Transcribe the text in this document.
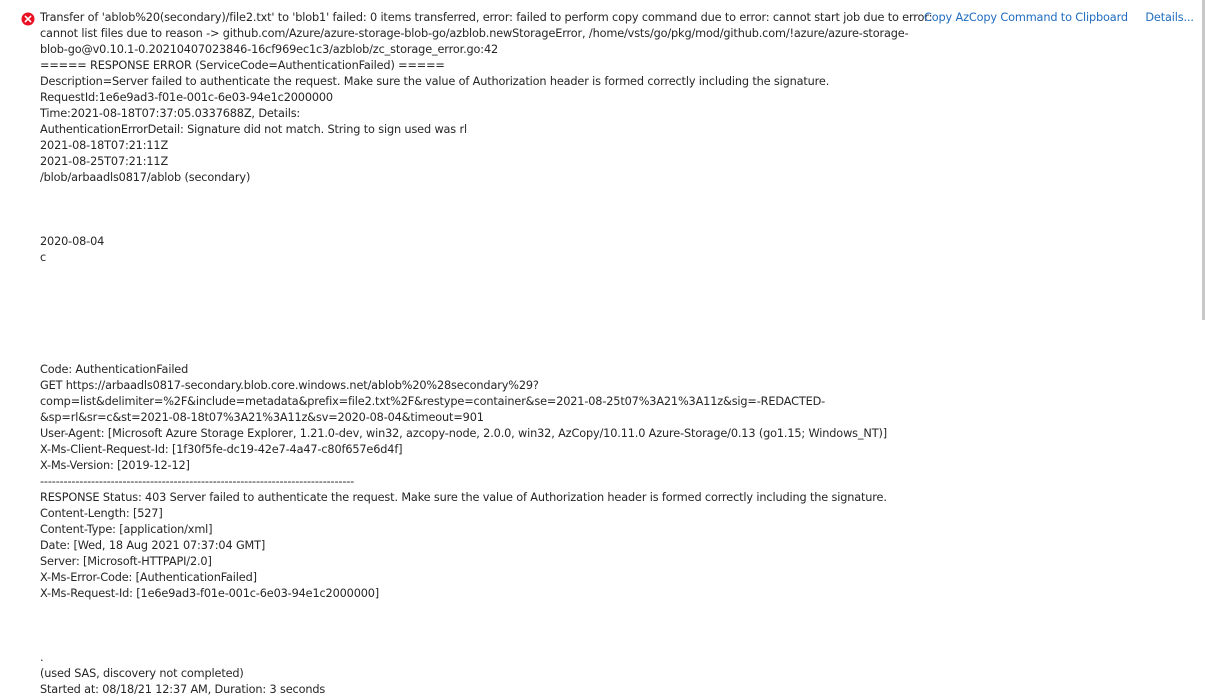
Transfer of 'ablob%20(secondary)/file2.txt' to 'blob1' failed: 0 items transferred, error: failed to perform copy command due to error: cannot start job due to error:
cannot list files due to reason -> github.com/Azure/azure-storage-blob-go/azblob.newStorageError, /home/vsts/go/pkg/mod/github.com/!azure/azure-storage-
blob-go@v0.10.1-0.20210407023846-16cf969ec1c3/azblob/zc_storage_error.go:42
===== RESPONSE ERROR (ServiceCode=AuthenticationFailed) =====
Description=Server failed to authenticate the request. Make sure the value of Authorization header is formed correctly including the signature.
RequestId:1e6e9ad3-f01e-001c-6e03-94e1c2000000
Time:2021-08-18T07:37:05.0337688Z, Details:
AuthenticationErrorDetail: Signature did not match. String to sign used was rl
2021-08-18T07:21:11Z
2021-08-25T07:21:11Z
/blob/arbaadls0817/ablob (secondary)
2020-08-04
c
Code: AuthenticationFailed
GET https://arbaadls0817-secondary.blob.core.windows.net/ablob%20%28secondary%29?
comp=list&delimiter=%2F&include=metadata&prefix=file2.txt%2F&restype=container&se=2021-08-25t07%3A21%3A11z&sig=-REDACTED-
&sp=rl&sr=c&st=2021-08-18t07%3A21%3A11z&sv=2020-08-04&timeout=901
User-Agent: [Microsoft Azure Storage Explorer, 1.21.0-dev, win32, azcopy-node, 2.0.0, win32, AzCopy/10.11.0 Azure-Storage/0.13 (go1.15; Windows_NT)]
X-Ms-Client-Request-Id: [1f30f5fe-dc19-42e7-4a47-c80f657e6d4f]
X-Ms-Version: [2019-12-12]
--------------------------------------------------------------------------------
RESPONSE Status: 403 Server failed to authenticate the request. Make sure the value of Authorization header is formed correctly including the signature.
Content-Length: [527]
Content-Type: [application/xml]
Date: [Wed, 18 Aug 2021 07:37:04 GMT]
Server: [Microsoft-HTTPAPI/2.0]
X-Ms-Error-Code: [AuthenticationFailed]
X-Ms-Request-Id: [1e6e9ad3-f01e-001c-6e03-94e1c2000000]
.
(used SAS, discovery not completed)
Started at: 08/18/21 12:37 AM, Duration: 3 seconds
Copy AzCopy Command to Clipboard Details...
